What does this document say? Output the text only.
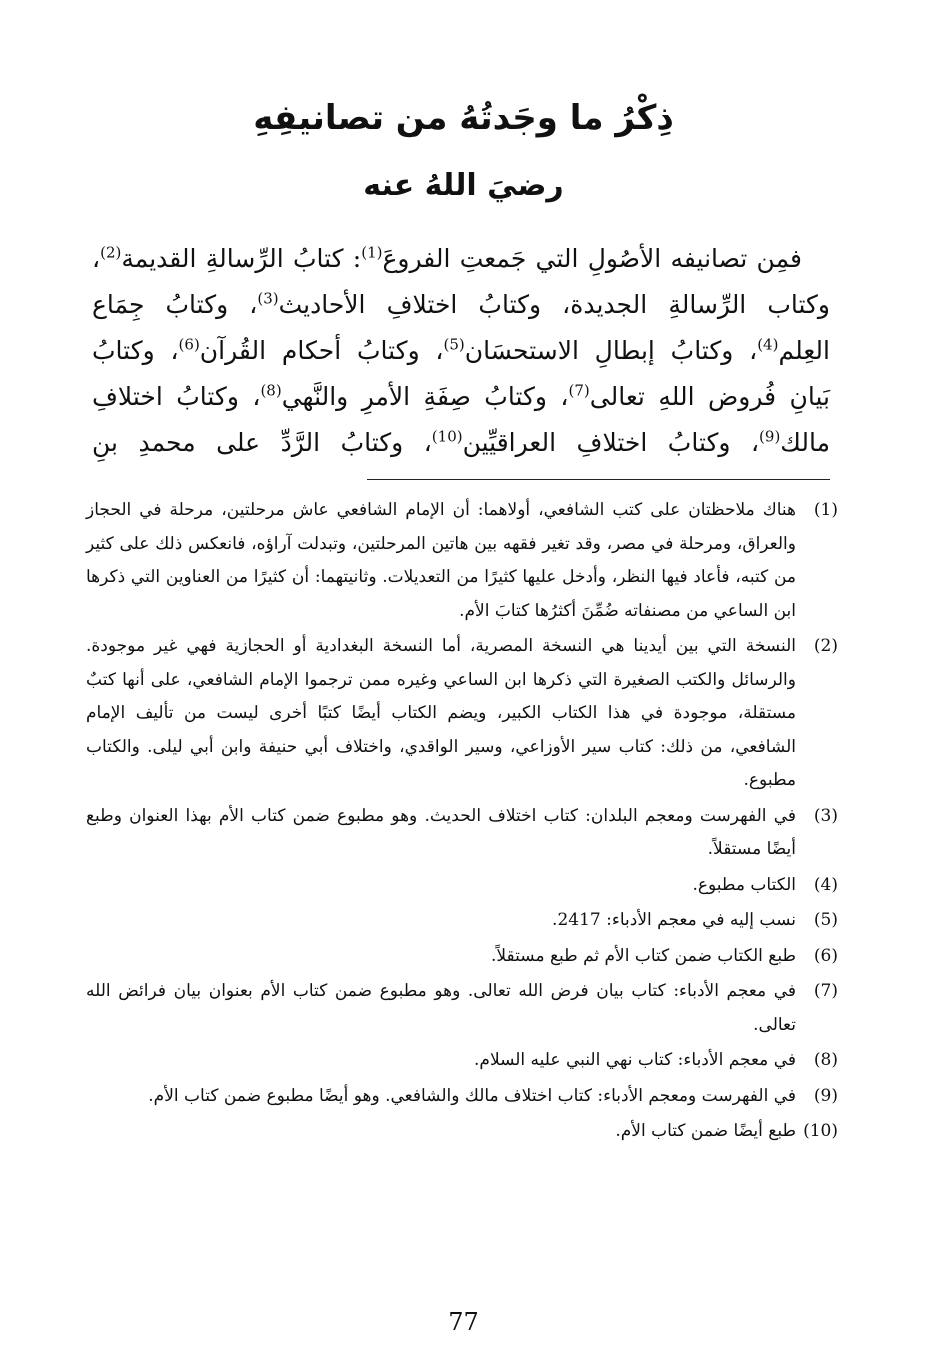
ذِكْرُ ما وجَدتُهُ من تصانيفِهِ
رضيَ اللهُ عنه
فمِن تصانيفه الأصُولِ التي جَمعتِ الفروعَ$^{(1)}$: كتابُ الرِّسالةِ القديمة$^{(2)}$،
وكتاب الرِّسالةِ الجديدة، وكتابُ اختلافِ الأحاديث$^{(3)}$، وكتابُ جِمَاع
العِلم$^{(4)}$، وكتابُ إبطالِ الاستحسَان$^{(5)}$، وكتابُ أحكام القُرآن$^{(6)}$، وكتابُ
بَيانِ فُروض اللهِ تعالى$^{(7)}$، وكتابُ صِفَةِ الأمرِ والنَّهي$^{(8)}$، وكتابُ اختلافِ
مالك$^{(9)}$، وكتابُ اختلافِ العراقيِّين$^{(10)}$، وكتابُ الرَّدِّ على محمدِ بنِ
(1)
هناك ملاحظتان على كتب الشافعي، أولاهما: أن الإمام الشافعي عاش مرحلتين، مرحلة في الحجاز والعراق، ومرحلة في مصر، وقد تغير فقهه بين هاتين المرحلتين، وتبدلت آراؤه، فانعكس ذلك على كثير من كتبه، فأعاد فيها النظر، وأدخل عليها كثيرًا من التعديلات. وثانيتهما: أن كثيرًا من العناوين التي ذكرها ابن الساعي من مصنفاته ضُمِّنَ أكثرُها كتابَ الأم.
(2)
النسخة التي بين أيدينا هي النسخة المصرية، أما النسخة البغدادية أو الحجازية فهي غير موجودة. والرسائل والكتب الصغيرة التي ذكرها ابن الساعي وغيره ممن ترجموا الإمام الشافعي، على أنها كتبٌ مستقلة، موجودة في هذا الكتاب الكبير، ويضم الكتاب أيضًا كتبًا أخرى ليست من تأليف الإمام الشافعي، من ذلك: كتاب سير الأوزاعي، وسير الواقدي، واختلاف أبي حنيفة وابن أبي ليلى. والكتاب مطبوع.
(3)
في الفهرست ومعجم البلدان: كتاب اختلاف الحديث. وهو مطبوع ضمن كتاب الأم بهذا العنوان وطبع أيضًا مستقلاً.
(4)
الكتاب مطبوع.
(5)
نسب إليه في معجم الأدباء: 2417.
(6)
طبع الكتاب ضمن كتاب الأم ثم طبع مستقلاً.
(7)
في معجم الأدباء: كتاب بيان فرض الله تعالى. وهو مطبوع ضمن كتاب الأم بعنوان بيان فرائض الله تعالى.
(8)
في معجم الأدباء: كتاب نهي النبي عليه السلام.
(9)
في الفهرست ومعجم الأدباء: كتاب اختلاف مالك والشافعي. وهو أيضًا مطبوع ضمن كتاب الأم.
(10)
طبع أيضًا ضمن كتاب الأم.
77
